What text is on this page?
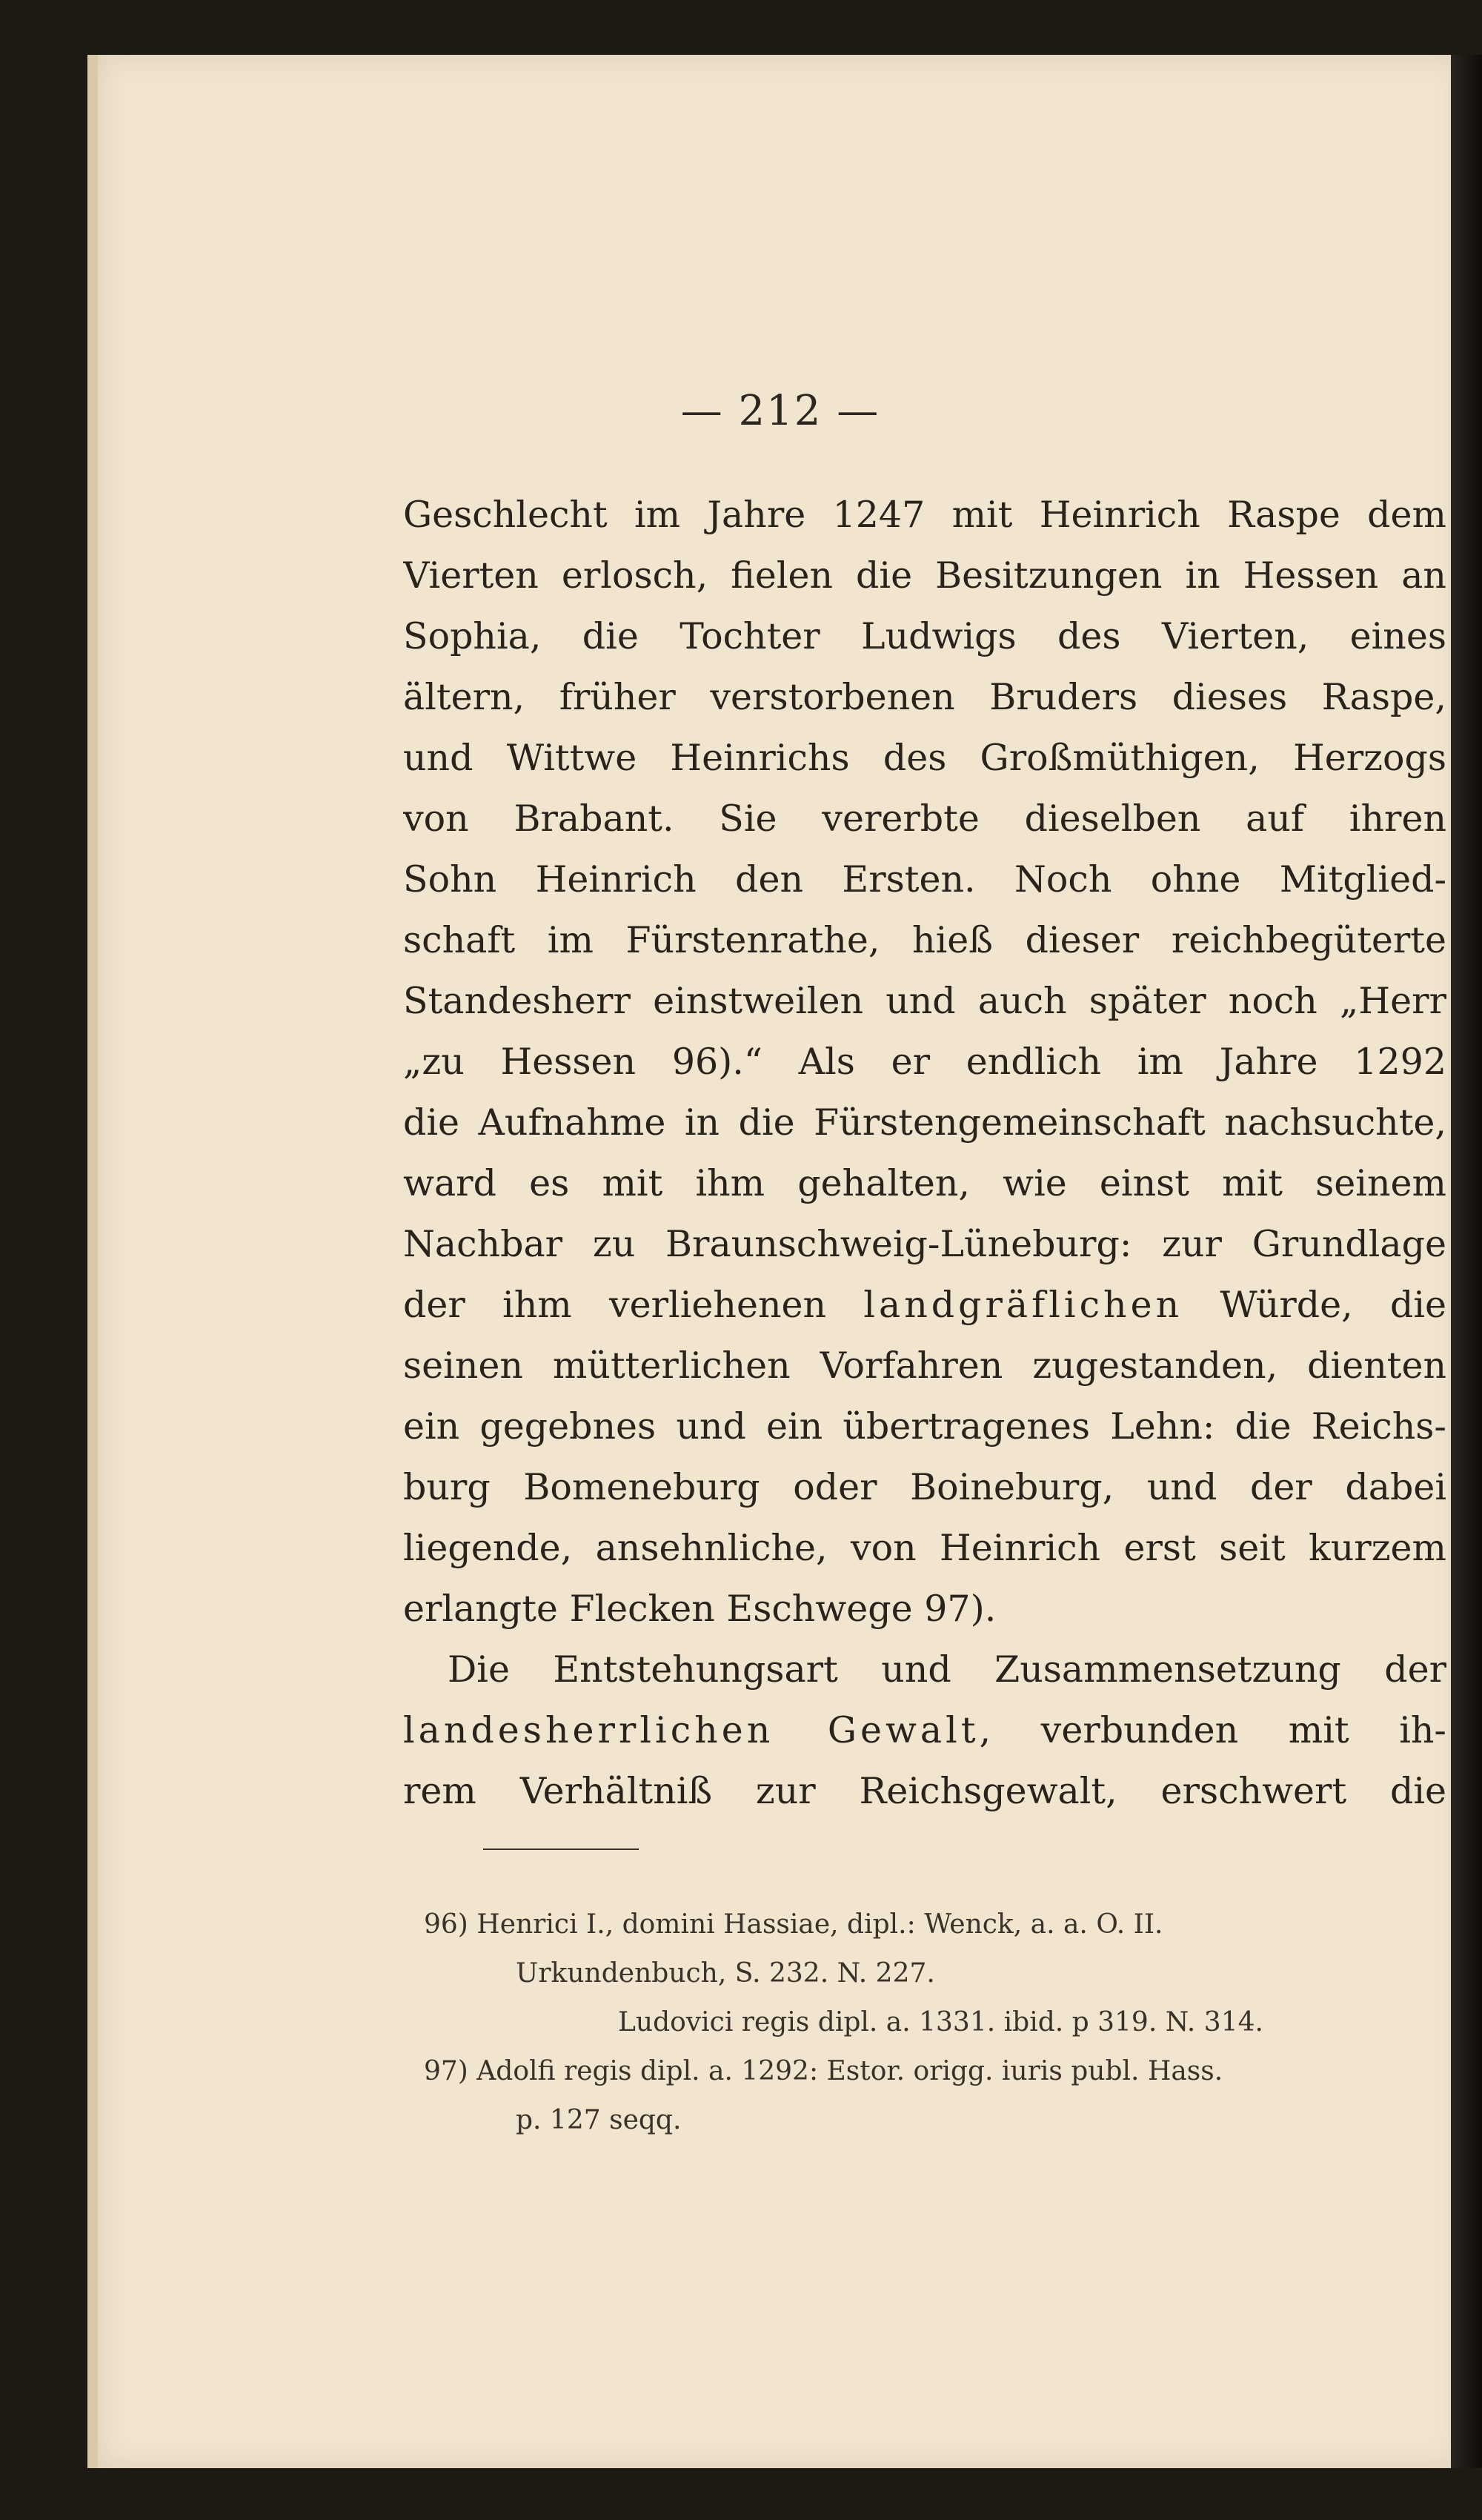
— 212 —
Geschlecht im Jahre 1247 mit Heinrich Raspe dem
Vierten erlosch, fielen die Besitzungen in Hessen an
Sophia, die Tochter Ludwigs des Vierten, eines
ältern, früher verstorbenen Bruders dieses Raspe,
und Wittwe Heinrichs des Großmüthigen, Herzogs
von Brabant. Sie vererbte dieselben auf ihren
Sohn Heinrich den Ersten. Noch ohne Mitglied-
schaft im Fürstenrathe, hieß dieser reichbegüterte
Standesherr einstweilen und auch später noch „Herr
„zu Hessen 96).“ Als er endlich im Jahre 1292
die Aufnahme in die Fürstengemeinschaft nachsuchte,
ward es mit ihm gehalten, wie einst mit seinem
Nachbar zu Braunschweig-Lüneburg: zur Grundlage
der ihm verliehenen landgräflichen Würde, die
seinen mütterlichen Vorfahren zugestanden, dienten
ein gegebnes und ein übertragenes Lehn: die Reichs-
burg Bomeneburg oder Boineburg, und der dabei
liegende, ansehnliche, von Heinrich erst seit kurzem
erlangte Flecken Eschwege 97).
Die Entstehungsart und Zusammensetzung der
landesherrlichen Gewalt, verbunden mit ih-
rem Verhältniß zur Reichsgewalt, erschwert die
96) Henrici I., domini Hassiae, dipl.: Wenck, a. a. O. II.
Urkundenbuch, S. 232. N. 227.
Ludovici regis dipl. a. 1331. ibid. p 319. N. 314.
97) Adolfi regis dipl. a. 1292: Estor. origg. iuris publ. Hass.
p. 127 seqq.
